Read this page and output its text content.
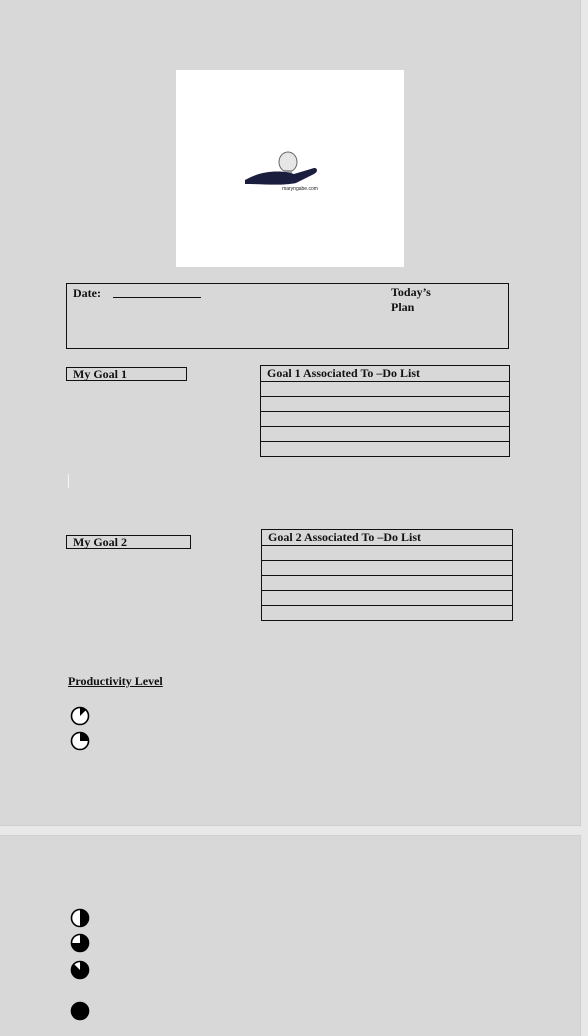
maryngabe.com
Date:	Today’s Plan
My Goal 1	Goal 1 Associated To –Do List

My Goal 2	Goal 2 Associated To –Do List

Productivity Level
